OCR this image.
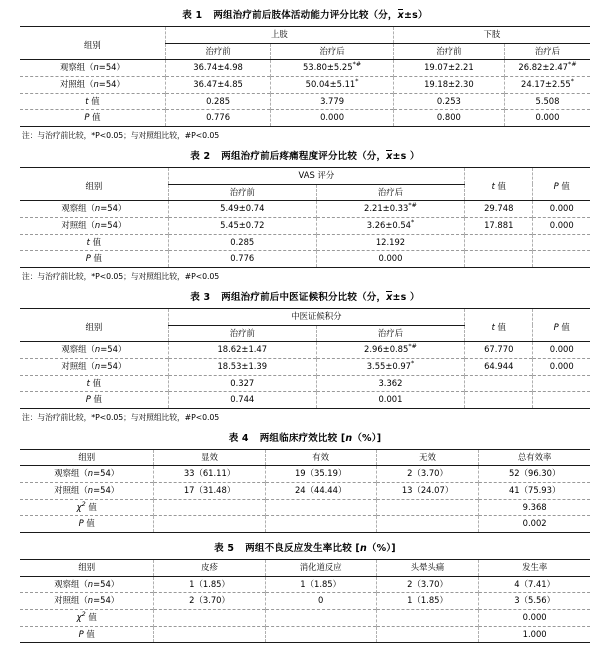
表 1 两组治疗前后肢体活动能力评分比较（分，x±s）
组别	上肢		下肢	
	治疗前	治疗后	治疗前	治疗后
观察组（n=54）	36.74±4.98	53.80±5.25*#	19.07±2.21	26.82±2.47*#
对照组（n=54）	36.47±4.85	50.04±5.11*	19.18±2.30	24.17±2.55*
t 值	0.285	3.779	0.253	5.508
P 值	0.776	0.000	0.800	0.000
注：与治疗前比较，*P<0.05；与对照组比较，#P<0.05
表 2 两组治疗前后疼痛程度评分比较（分，x±s ）
组别	VAS 评分		t 值	P 值
	治疗前	治疗后		
观察组（n=54）	5.49±0.74	2.21±0.33*#	29.748	0.000
对照组（n=54）	5.45±0.72	3.26±0.54*	17.881	0.000
t 值	0.285	12.192		
P 值	0.776	0.000		
注：与治疗前比较，*P<0.05；与对照组比较，#P<0.05
表 3 两组治疗前后中医证候积分比较（分，x±s ）
组别	中医证候积分		t 值	P 值
	治疗前	治疗后		
观察组（n=54）	18.62±1.47	2.96±0.85*#	67.770	0.000
对照组（n=54）	18.53±1.39	3.55±0.97*	64.944	0.000
t 值	0.327	3.362		
P 值	0.744	0.001		
注：与治疗前比较，*P<0.05；与对照组比较，#P<0.05
表 4 两组临床疗效比较 [n（%）]
组别	显效	有效	无效	总有效率
观察组（n=54）	33（61.11）	19（35.19）	2（3.70）	52（96.30）
对照组（n=54）	17（31.48）	24（44.44）	13（24.07）	41（75.93）
$\chi^2$ 值				9.368
P 值				0.002
表 5 两组不良反应发生率比较 [n（%）]
组别	皮疹	消化道反应	头晕头痛	发生率
观察组（n=54）	1（1.85）	1（1.85）	2（3.70）	4（7.41）
对照组（n=54）	2（3.70）	0	1（1.85）	3（5.56）
$\chi^2$ 值				0.000
P 值				1.000
